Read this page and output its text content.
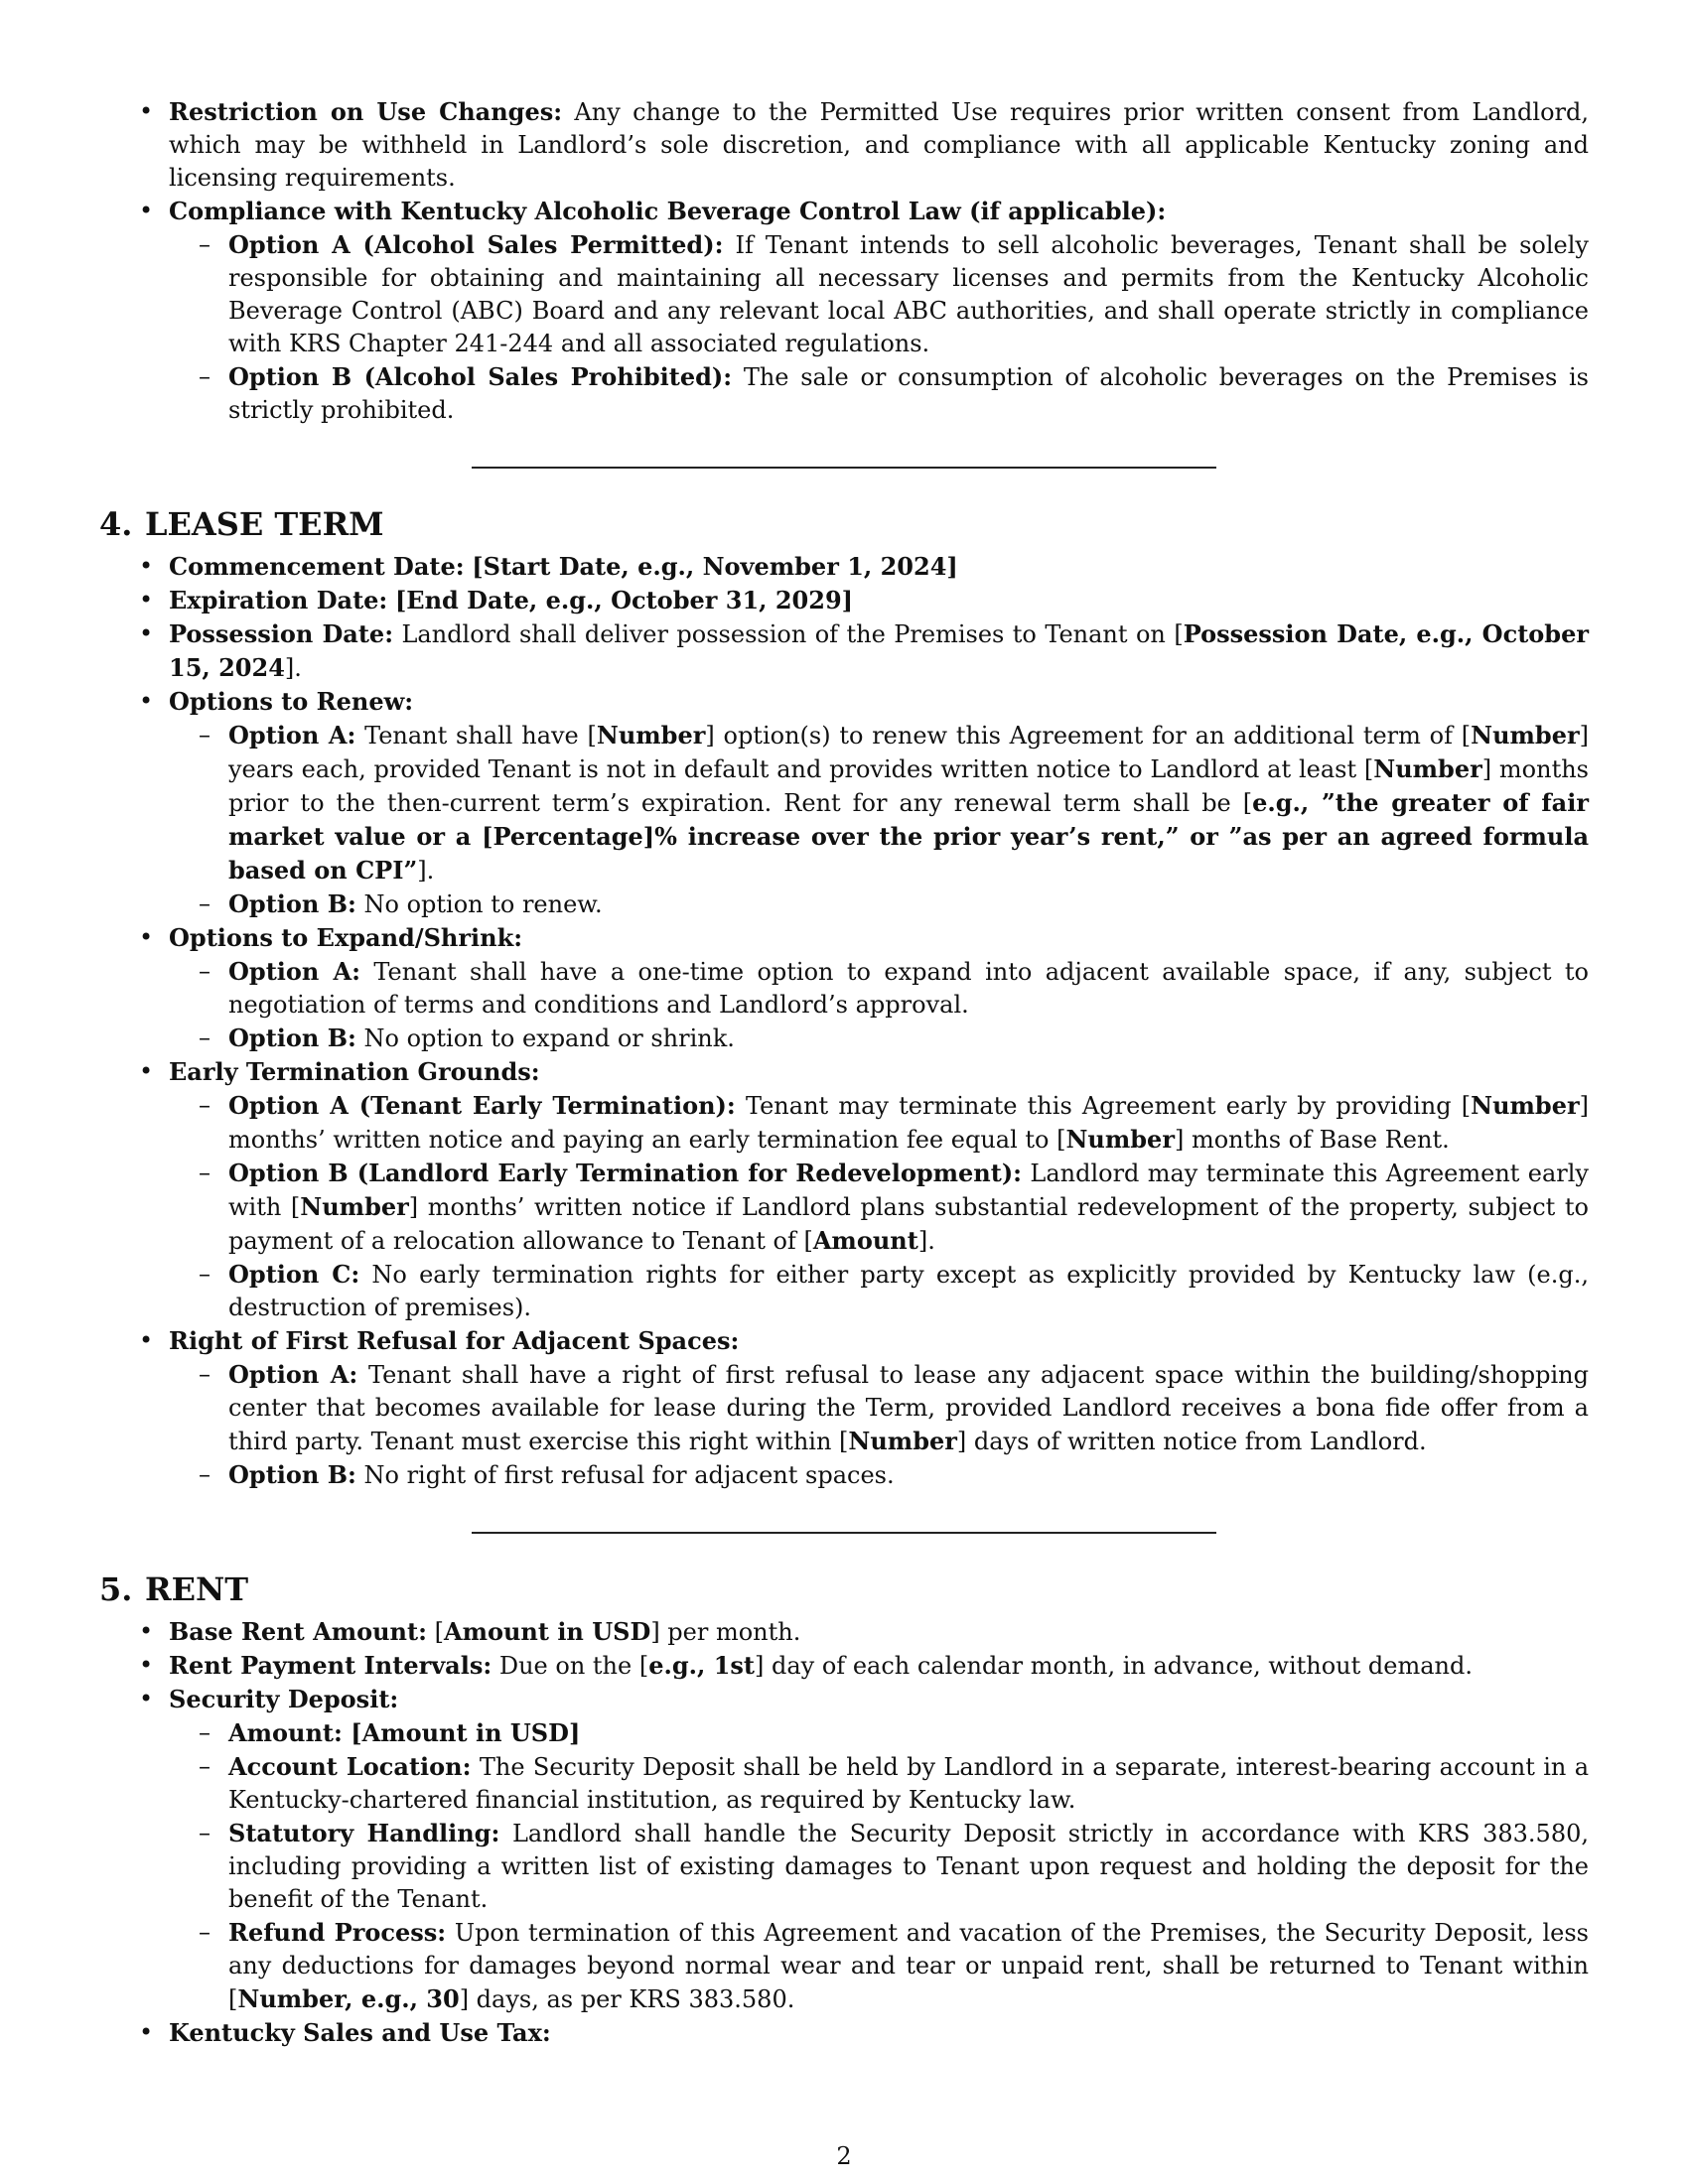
• Restriction on Use Changes: Any change to the Permitted Use requires prior written consent from Landlord, which may be withheld in Landlord’s sole discretion, and compliance with all applicable Kentucky zoning and licensing requirements.
• Compliance with Kentucky Alcoholic Beverage Control Law (if applicable):
– Option A (Alcohol Sales Permitted): If Tenant intends to sell alcoholic beverages, Tenant shall be solely responsible for obtaining and maintaining all necessary licenses and permits from the Kentucky Alcoholic Beverage Control (ABC) Board and any relevant local ABC authorities, and shall operate strictly in compliance with KRS Chapter 241-244 and all associated regulations.
– Option B (Alcohol Sales Prohibited): The sale or consumption of alcoholic beverages on the Premises is strictly prohibited.
4. LEASE TERM
• Commencement Date: [Start Date, e.g., November 1, 2024]
• Expiration Date: [End Date, e.g., October 31, 2029]
• Possession Date: Landlord shall deliver possession of the Premises to Tenant on [Possession Date, e.g., October 15, 2024].
• Options to Renew:
– Option A: Tenant shall have [Number] option(s) to renew this Agreement for an additional term of [Number] years each, provided Tenant is not in default and provides written notice to Landlord at least [Number] months prior to the then-current term’s expiration. Rent for any renewal term shall be [e.g., ”the greater of fair market value or a [Percentage]% increase over the prior year’s rent,” or ”as per an agreed formula based on CPI”].
– Option B: No option to renew.
• Options to Expand/Shrink:
– Option A: Tenant shall have a one-time option to expand into adjacent available space, if any, subject to negotiation of terms and conditions and Landlord’s approval.
– Option B: No option to expand or shrink.
• Early Termination Grounds:
– Option A (Tenant Early Termination): Tenant may terminate this Agreement early by providing [Number] months’ written notice and paying an early termination fee equal to [Number] months of Base Rent.
– Option B (Landlord Early Termination for Redevelopment): Landlord may terminate this Agreement early with [Number] months’ written notice if Landlord plans substantial redevelopment of the property, subject to payment of a relocation allowance to Tenant of [Amount].
– Option C: No early termination rights for either party except as explicitly provided by Kentucky law (e.g., destruction of premises).
• Right of First Refusal for Adjacent Spaces:
– Option A: Tenant shall have a right of first refusal to lease any adjacent space within the building/shopping center that becomes available for lease during the Term, provided Landlord receives a bona fide offer from a third party. Tenant must exercise this right within [Number] days of written notice from Landlord.
– Option B: No right of first refusal for adjacent spaces.
5. RENT
• Base Rent Amount: [Amount in USD] per month.
• Rent Payment Intervals: Due on the [e.g., 1st] day of each calendar month, in advance, without demand.
• Security Deposit:
– Amount: [Amount in USD]
– Account Location: The Security Deposit shall be held by Landlord in a separate, interest-bearing account in a Kentucky-chartered financial institution, as required by Kentucky law.
– Statutory Handling: Landlord shall handle the Security Deposit strictly in accordance with KRS 383.580, including providing a written list of existing damages to Tenant upon request and holding the deposit for the benefit of the Tenant.
– Refund Process: Upon termination of this Agreement and vacation of the Premises, the Security Deposit, less any deductions for damages beyond normal wear and tear or unpaid rent, shall be returned to Tenant within [Number, e.g., 30] days, as per KRS 383.580.
• Kentucky Sales and Use Tax:
2
